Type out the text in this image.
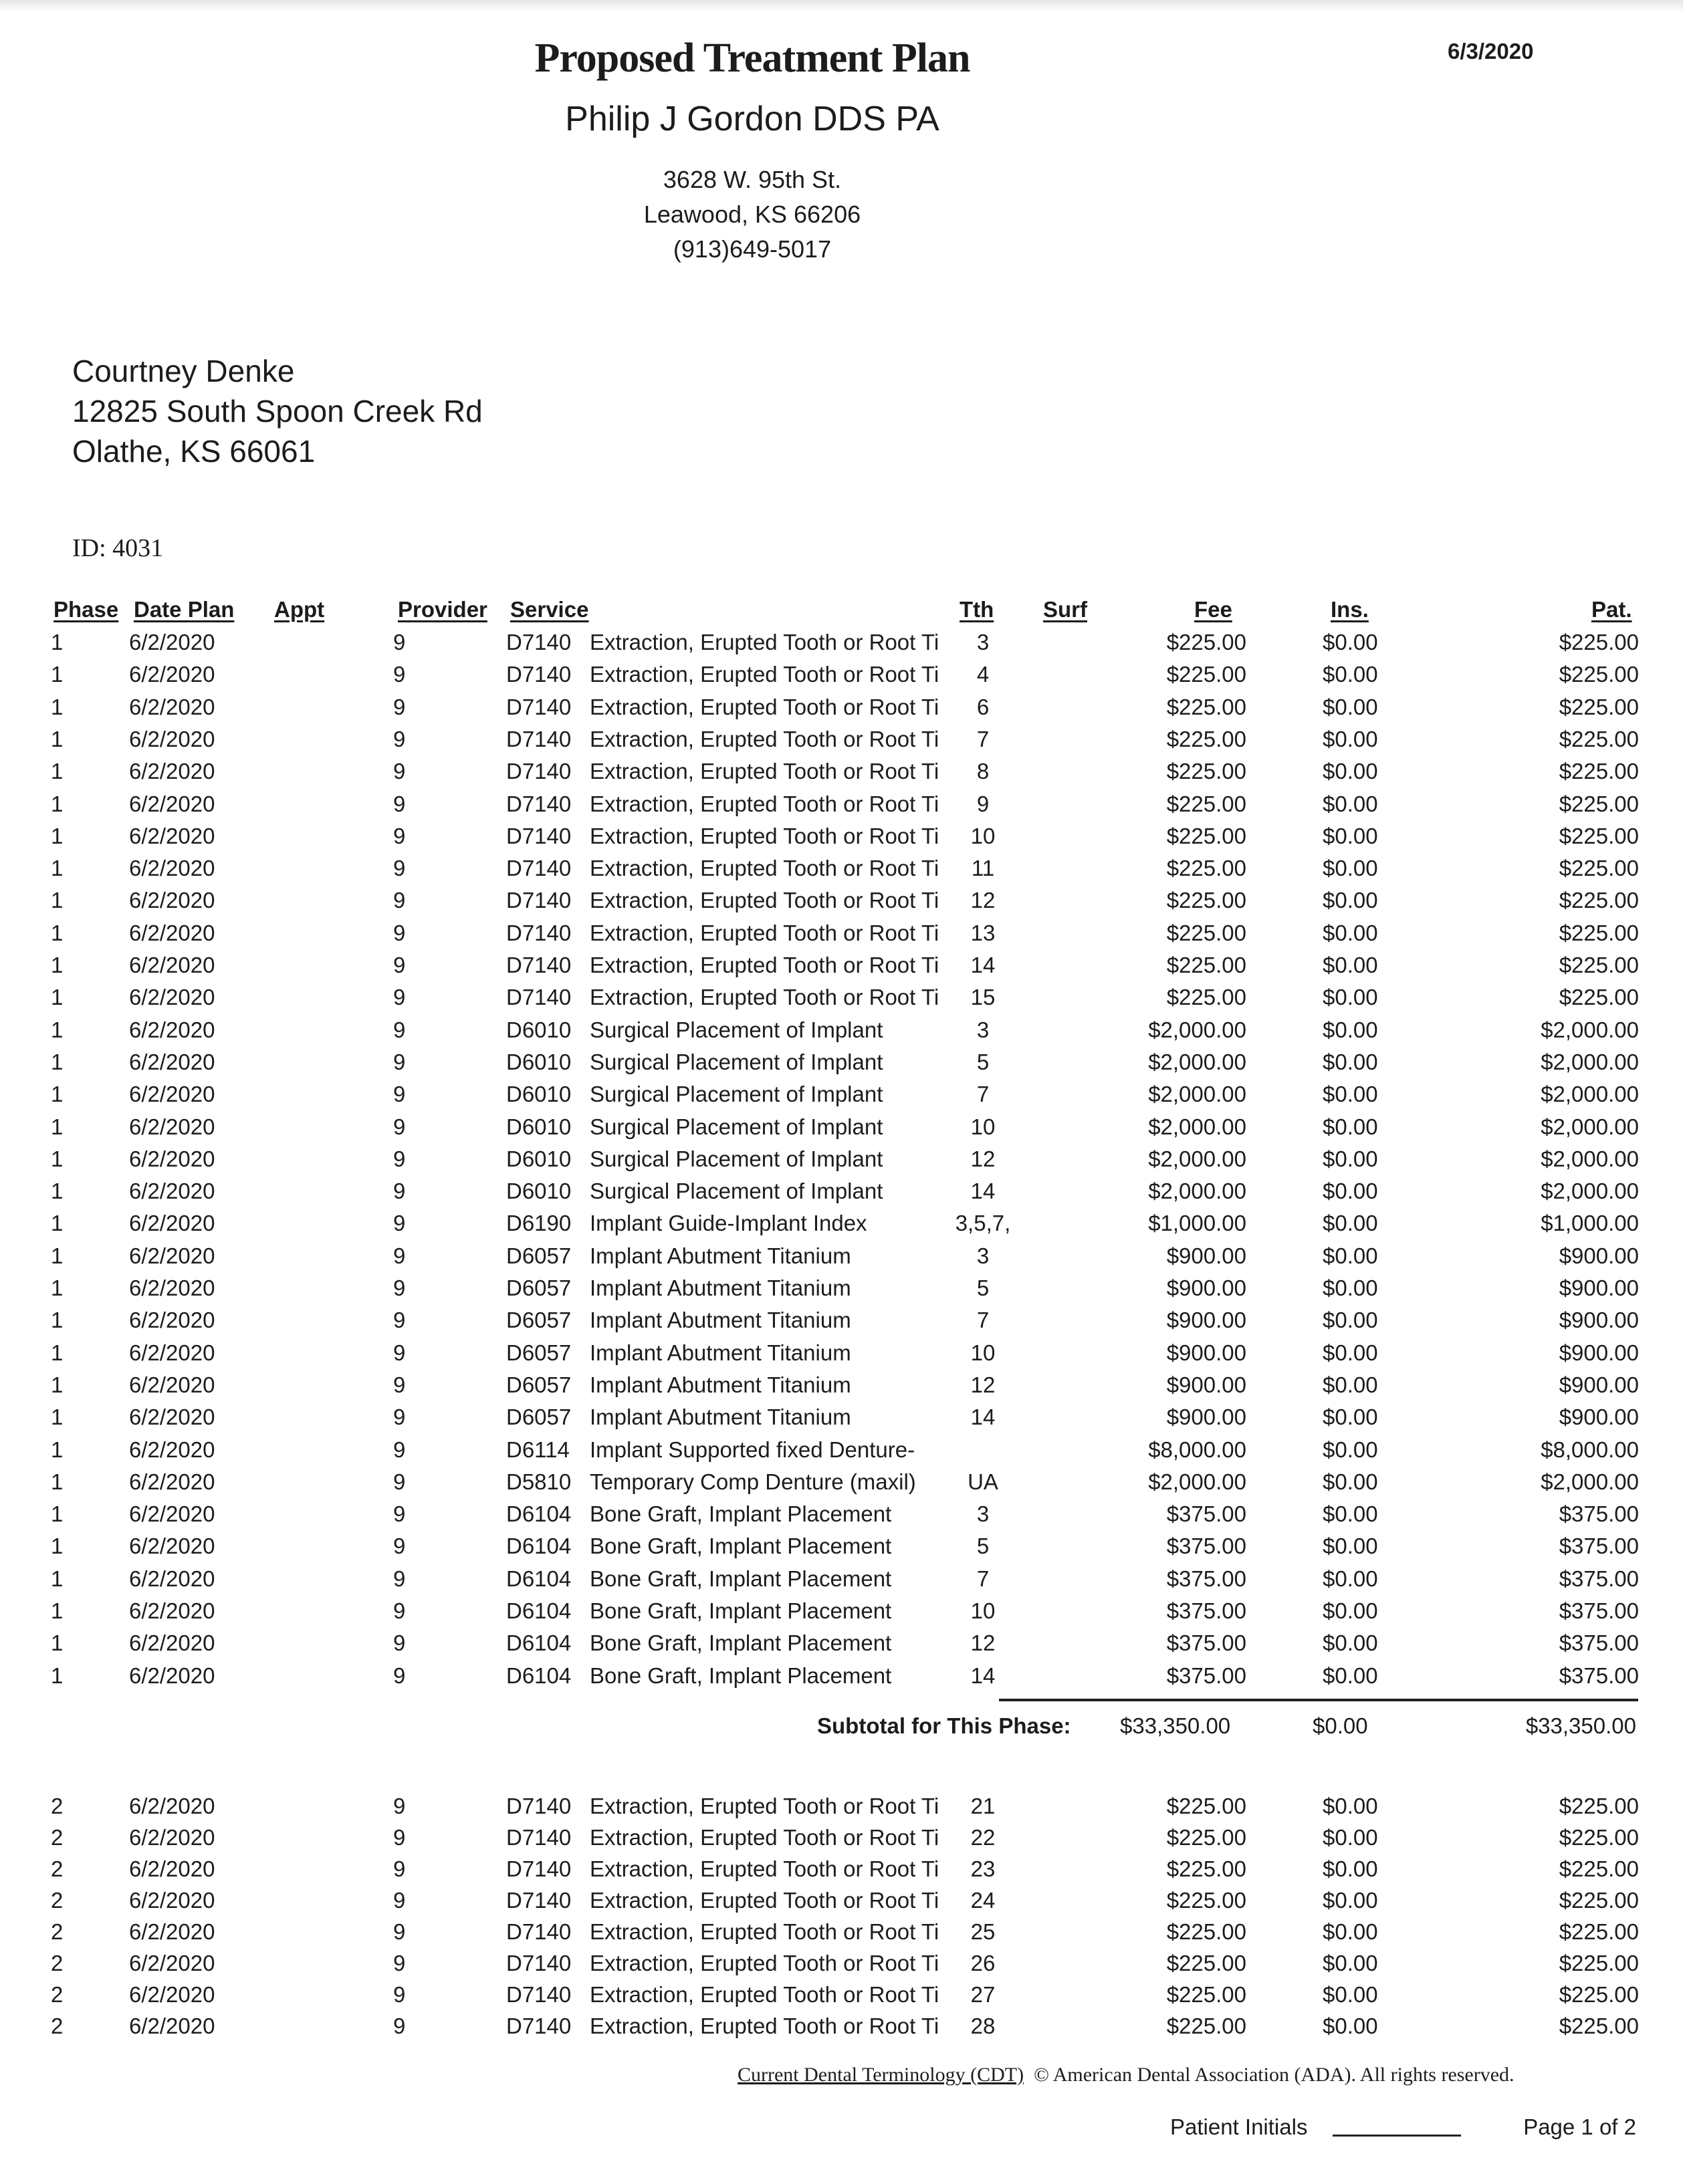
Proposed Treatment Plan	6/3/2020
Philip J Gordon DDS PA
3628 W. 95th St.
Leawood, KS 66206
(913)649-5017
Courtney Denke
12825 South Spoon Creek Rd
Olathe, KS 66061
ID: 4031
Phase Date Plan Appt	Provider Service	Tth Surf	Fee	Ins.	Pat.
1	6/2/2020	9	D7140 Extraction, Erupted Tooth or Root Ti	3	$225.00	$0.00	$225.00
1	6/2/2020	9	D7140 Extraction, Erupted Tooth or Root Ti	4	$225.00	$0.00	$225.00
1	6/2/2020	9	D7140 Extraction, Erupted Tooth or Root Ti	6	$225.00	$0.00	$225.00
1	6/2/2020	9	D7140 Extraction, Erupted Tooth or Root Ti	7	$225.00	$0.00	$225.00
1	6/2/2020	9	D7140 Extraction, Erupted Tooth or Root Ti	8	$225.00	$0.00	$225.00
1	6/2/2020	9	D7140 Extraction, Erupted Tooth or Root Ti	9	$225.00	$0.00	$225.00
1	6/2/2020	9	D7140 Extraction, Erupted Tooth or Root Ti	10	$225.00	$0.00	$225.00
1	6/2/2020	9	D7140 Extraction, Erupted Tooth or Root Ti	11	$225.00	$0.00	$225.00
1	6/2/2020	9	D7140 Extraction, Erupted Tooth or Root Ti	12	$225.00	$0.00	$225.00
1	6/2/2020	9	D7140 Extraction, Erupted Tooth or Root Ti	13	$225.00	$0.00	$225.00
1	6/2/2020	9	D7140 Extraction, Erupted Tooth or Root Ti	14	$225.00	$0.00	$225.00
1	6/2/2020	9	D7140 Extraction, Erupted Tooth or Root Ti	15	$225.00	$0.00	$225.00
1	6/2/2020	9	D6010 Surgical Placement of Implant	3	$2,000.00	$0.00	$2,000.00
1	6/2/2020	9	D6010 Surgical Placement of Implant	5	$2,000.00	$0.00	$2,000.00
1	6/2/2020	9	D6010 Surgical Placement of Implant	7	$2,000.00	$0.00	$2,000.00
1	6/2/2020	9	D6010 Surgical Placement of Implant	10	$2,000.00	$0.00	$2,000.00
1	6/2/2020	9	D6010 Surgical Placement of Implant	12	$2,000.00	$0.00	$2,000.00
1	6/2/2020	9	D6010 Surgical Placement of Implant	14	$2,000.00	$0.00	$2,000.00
1	6/2/2020	9	D6190 Implant Guide-Implant Index	3,5,7,	$1,000.00	$0.00	$1,000.00
1	6/2/2020	9	D6057 Implant Abutment Titanium	3	$900.00	$0.00	$900.00
1	6/2/2020	9	D6057 Implant Abutment Titanium	5	$900.00	$0.00	$900.00
1	6/2/2020	9	D6057 Implant Abutment Titanium	7	$900.00	$0.00	$900.00
1	6/2/2020	9	D6057 Implant Abutment Titanium	10	$900.00	$0.00	$900.00
1	6/2/2020	9	D6057 Implant Abutment Titanium	12	$900.00	$0.00	$900.00
1	6/2/2020	9	D6057 Implant Abutment Titanium	14	$900.00	$0.00	$900.00
1	6/2/2020	9	D6114 Implant Supported fixed Denture-	$8,000.00	$0.00	$8,000.00
1	6/2/2020	9	D5810 Temporary Comp Denture (maxil)	UA	$2,000.00	$0.00	$2,000.00
1	6/2/2020	9	D6104 Bone Graft, Implant Placement	3	$375.00	$0.00	$375.00
1	6/2/2020	9	D6104 Bone Graft, Implant Placement	5	$375.00	$0.00	$375.00
1	6/2/2020	9	D6104 Bone Graft, Implant Placement	7	$375.00	$0.00	$375.00
1	6/2/2020	9	D6104 Bone Graft, Implant Placement	10	$375.00	$0.00	$375.00
1	6/2/2020	9	D6104 Bone Graft, Implant Placement	12	$375.00	$0.00	$375.00
1	6/2/2020	9	D6104 Bone Graft, Implant Placement	14	$375.00	$0.00	$375.00
Subtotal for This Phase: $33,350.00	$0.00	$33,350.00
2	6/2/2020	9	D7140 Extraction, Erupted Tooth or Root Ti	21	$225.00	$0.00	$225.00
2	6/2/2020	9	D7140 Extraction, Erupted Tooth or Root Ti	22	$225.00	$0.00	$225.00
2	6/2/2020	9	D7140 Extraction, Erupted Tooth or Root Ti	23	$225.00	$0.00	$225.00
2	6/2/2020	9	D7140 Extraction, Erupted Tooth or Root Ti	24	$225.00	$0.00	$225.00
2	6/2/2020	9	D7140 Extraction, Erupted Tooth or Root Ti	25	$225.00	$0.00	$225.00
2	6/2/2020	9	D7140 Extraction, Erupted Tooth or Root Ti	26	$225.00	$0.00	$225.00
2	6/2/2020	9	D7140 Extraction, Erupted Tooth or Root Ti	27	$225.00	$0.00	$225.00
2	6/2/2020	9	D7140 Extraction, Erupted Tooth or Root Ti	28	$225.00	$0.00	$225.00
Current Dental Terminology (CDT) © American Dental Association (ADA). All rights reserved.
Patient Initials	Page 1 of 2
